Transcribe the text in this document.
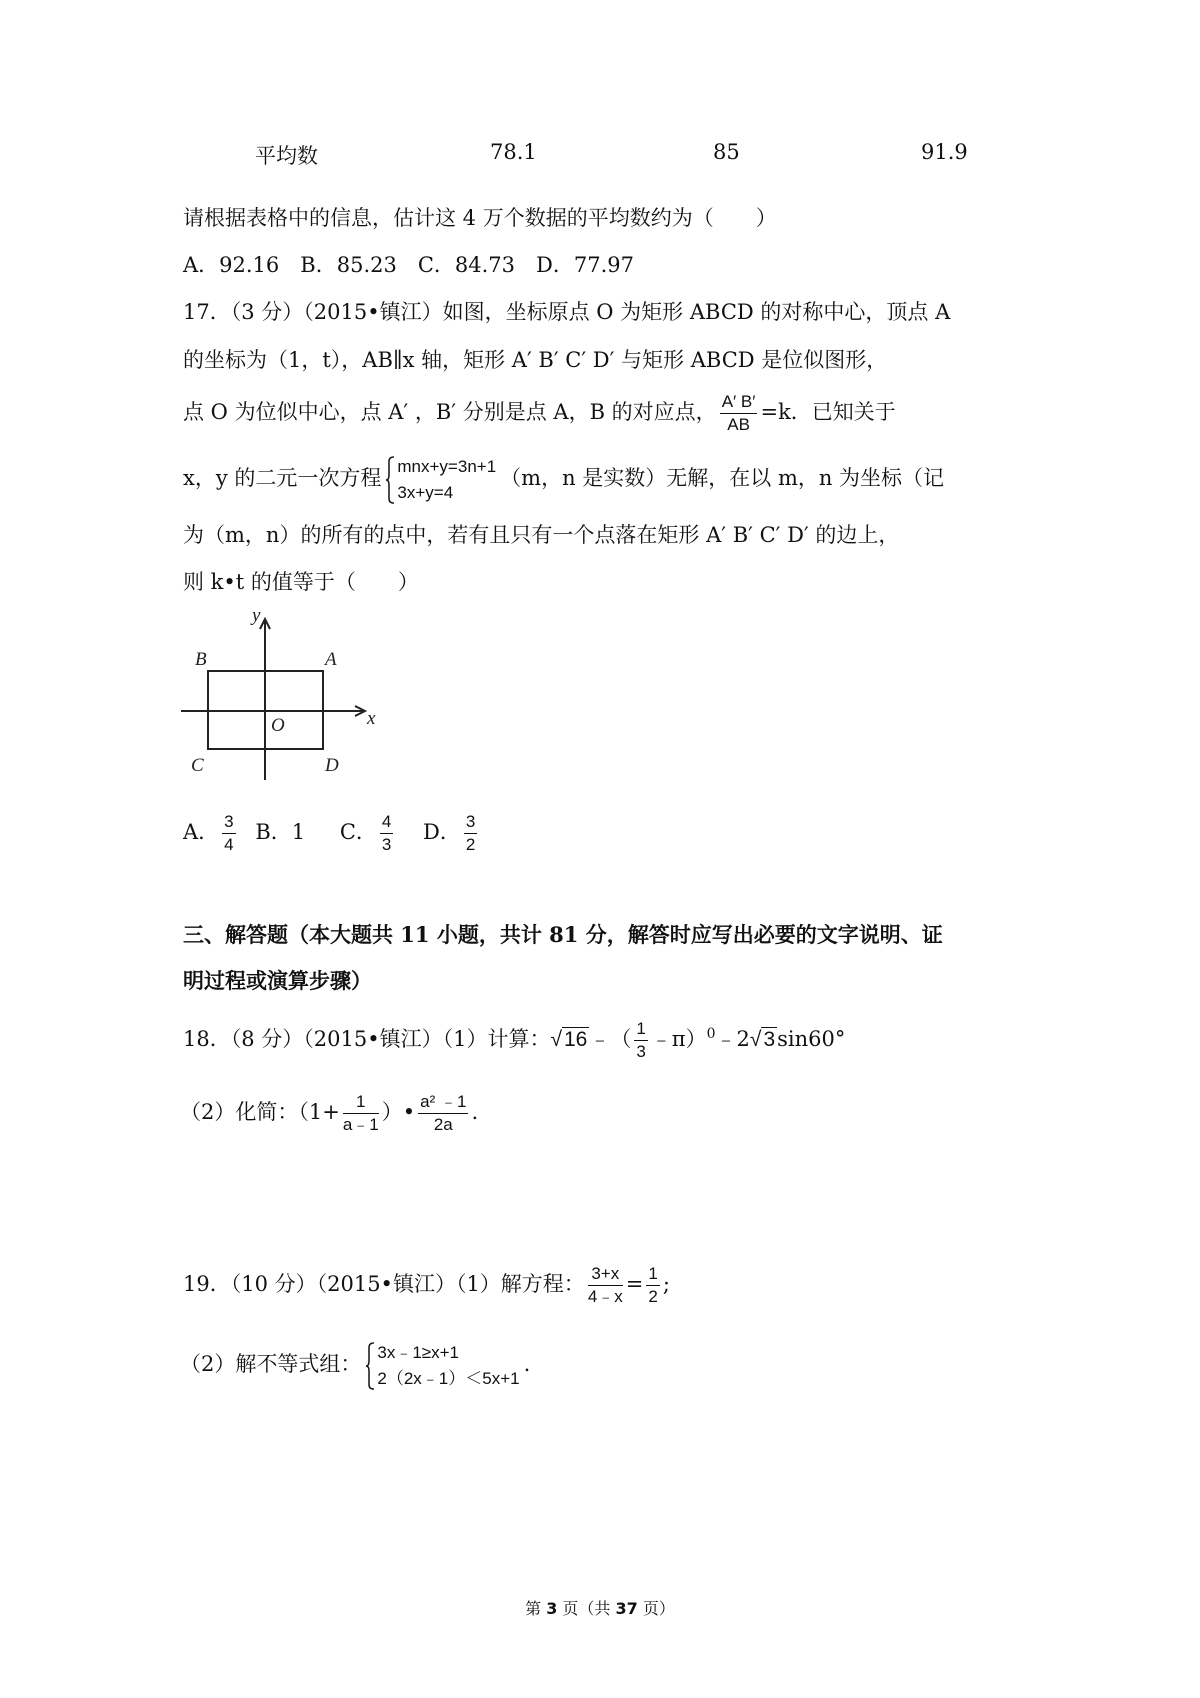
平均数	78.1	85	91.9
请根据表格中的信息，估计这 4 万个数据的平均数约为（　　）
A．92.16　B．85.23　C．84.73　D．77.97
17．（3 分）（2015•镇江）如图，坐标原点 O 为矩形 ABCD 的对称中心，顶点 A
的坐标为（1，t），AB∥x 轴，矩形 A′ B′ C′ D′ 与矩形 ABCD 是位似图形，
点 O 为位似中心，点 A′ ，B′ 分别是点 A，B 的对应点， $\frac{A' B'}{AB} =k$．已知关于
x，y 的二元一次方程 mnx+y=3n+1
3x+y=4
（m，n 是实数）无解，在以 m，n 为坐标（记
为（m，n）的所有的点中，若有且只有一个点落在矩形 A′ B′ C′ D′ 的边上，
则 k•t 的值等于（　　）
y
x
O
A
B
C	D
A． $\frac{3}{4}$ B．1 C． $\frac{4}{3}$ D． $\frac{3}{2}$
三、解答题（本大题共 11 小题，共计 81 分，解答时应写出必要的文字说明、证
明过程或演算步骤）
18．（8 分）（2015•镇江）（1）计算：√16﹣（ $\frac{1}{3}$ ﹣π）$^0$﹣2√3sin60°
（2）化简：（$1+ \frac{1}{a﹣1}$ ）• $\frac{\text{a² ﹣1}}{2a}$ .
19．（10 分）（2015•镇江）（1）解方程： $\frac{3+x}{4﹣x} = \frac{1}{2}$ ;
（2）解不等式组： 3x﹣1≥x+1
2（2x﹣1）＜5x+1
.
第 3 页（共 37 页）
